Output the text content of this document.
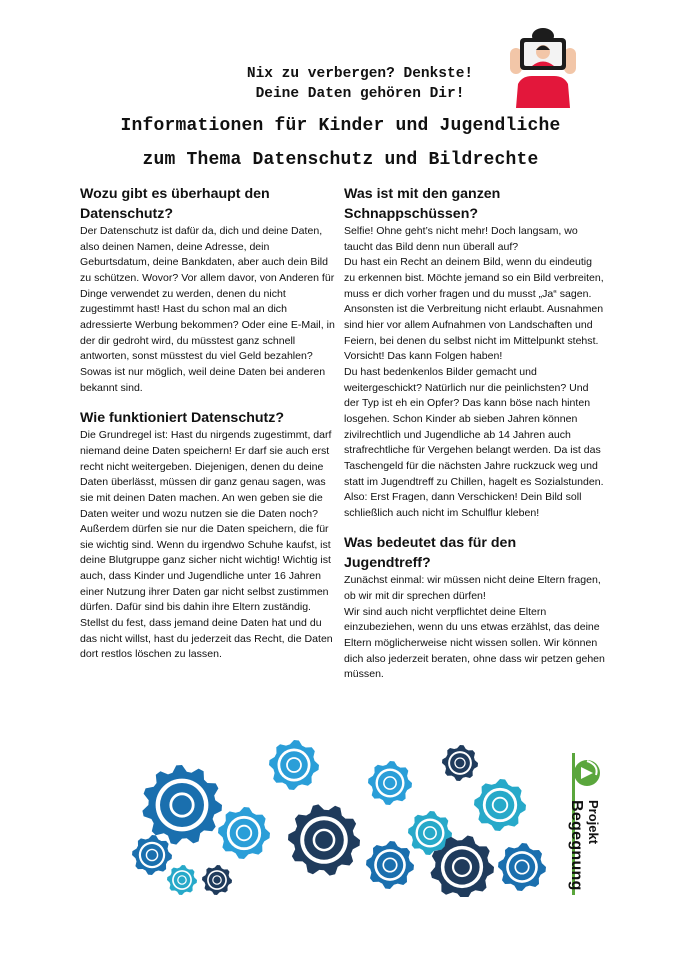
Nix zu verbergen? Denkste!
Deine Daten gehören Dir!
Informationen für Kinder und Jugendliche
zum Thema Datenschutz und Bildrechte
Wozu gibt es überhaupt den Datenschutz?

Der Datenschutz ist dafür da, dich und deine Daten, also deinen Namen, deine Adresse, dein Geburtsdatum, deine Bankdaten, aber auch dein Bild zu schützen. Wovor? Vor allem davor, von Anderen für Dinge verwendet zu werden, denen du nicht zugestimmt hast! Hast du schon mal an dich adressierte Werbung bekommen? Oder eine E-Mail, in der dir gedroht wird, du müsstest ganz schnell antworten, sonst müsstest du viel Geld bezahlen? Sowas ist nur möglich, weil deine Daten bei anderen bekannt sind.

Wie funktioniert Datenschutz?

Die Grundregel ist: Hast du nirgends zugestimmt, darf niemand deine Daten speichern! Er darf sie auch erst recht nicht weitergeben. Diejenigen, denen du deine Daten überlässt, müssen dir ganz genau sagen, was sie mit deinen Daten machen. An wen geben sie die Daten weiter und wozu nutzen sie die Daten noch? Außerdem dürfen sie nur die Daten speichern, die für sie wichtig sind. Wenn du irgendwo Schuhe kaufst, ist deine Blutgruppe ganz sicher nicht wichtig! Wichtig ist auch, dass Kinder und Jugendliche unter 16 Jahren einer Nutzung ihrer Daten gar nicht selbst zustimmen dürfen. Dafür sind bis dahin ihre Eltern zuständig.

Stellst du fest, dass jemand deine Daten hat und du das nicht willst, hast du jederzeit das Recht, die Daten dort restlos löschen zu lassen.

Was ist mit den ganzen Schnappschüssen?

Selfie! Ohne geht’s nicht mehr! Doch langsam, wo taucht das Bild denn nun überall auf?

Du hast ein Recht an deinem Bild, wenn du eindeutig zu erkennen bist. Möchte jemand so ein Bild verbreiten, muss er dich vorher fragen und du musst „Ja“ sagen. Ansonsten ist die Verbreitung nicht erlaubt. Ausnahmen sind hier vor allem Aufnahmen von Landschaften und Feiern, bei denen du selbst nicht im Mittelpunkt stehst.

Vorsicht! Das kann Folgen haben!

Du hast bedenkenlos Bilder gemacht und weitergeschickt? Natürlich nur die peinlichsten? Und der Typ ist eh ein Opfer? Das kann böse nach hinten losgehen. Schon Kinder ab sieben Jahren können zivilrechtlich und Jugendliche ab 14 Jahren auch strafrechtliche für Vergehen belangt werden. Da ist das Taschengeld für die nächsten Jahre ruckzuck weg und statt im Jugendtreff zu Chillen, hagelt es Sozialstunden. Also: Erst Fragen, dann Verschicken! Dein Bild soll schließlich auch nicht im Schulflur kleben!

Was bedeutet das für den Jugendtreff?

Zunächst einmal: wir müssen nicht deine Eltern fragen, ob wir mit dir sprechen dürfen!

Wir sind auch nicht verpflichtet deine Eltern einzubeziehen, wenn du uns etwas erzählst, das deine Eltern möglicherweise nicht wissen sollen. Wir können dich also jederzeit beraten, ohne dass wir petzen gehen müssen.

Projekt
Begegnung
